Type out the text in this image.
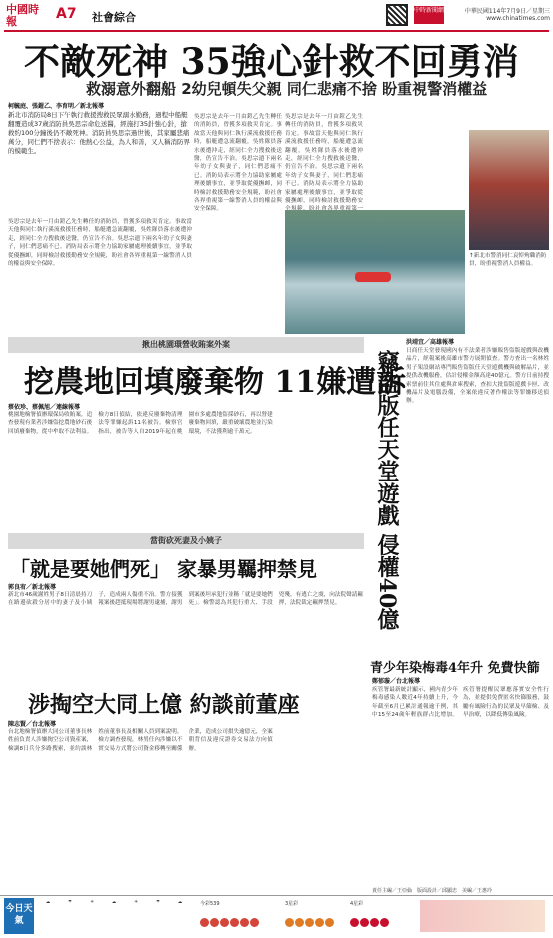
中國時報	A7 社會綜合
中時新聞網	中華民國114年7月9日／星期三
www.chinatimes.com
不敵死神 35強心針救不回勇消
救溺意外翻船 2幼兒頓失父親 同仁悲痛不捨 盼重視警消權益
柯毓庭、張鎧乙、李育明／新北報導
新北市消防局8日下午執行救援搜救民眾溺水勤務，過程中船艇翻覆造成37歲消防員吳思宗命危送醫，經施打35針強心針，搶救約100分鐘後仍不敵死神。消防員吳思宗過世後，其家屬悲痛萬分，同仁們不捨表示：他熱心公益，為人和善，又人稱消防界的模範生。
吳思宗是去年一月由鎧乙先生轉任的消防員，曾獲多項救災肯定。事故當天他與同仁執行溪流救援任務時，船艇遭急流翻覆，吳姓隊員落水後遭沖走，經同仁全力搜救後送醫，仍宣告不治。吳思宗遺下兩名年幼子女與妻子，同仁們悲痛不已。消防局表示將全力協助家屬處理後續事宜，並爭取從優撫卹，同時檢討救援勤務安全規範，盼社會各界重視第一線警消人員的權益與安全保障。
吳思宗是去年一月由鎧乙先生轉任的消防員，曾獲多項救災肯定。事故當天他與同仁執行溪流救援任務時，船艇遭急流翻覆，吳姓隊員落水後遭沖走，經同仁全力搜救後送醫，仍宣告不治。吳思宗遺下兩名年幼子女與妻子，同仁們悲痛不已。消防局表示將全力協助家屬處理後續事宜，並爭取從優撫卹，同時檢討救援勤務安全規範，盼社會各界重視第一線警消人員的權益與安全保障。
吳思宗是去年一月由鎧乙先生轉任的消防員，曾獲多項救災肯定。事故當天他與同仁執行溪流救援任務時，船艇遭急流翻覆，吳姓隊員落水後遭沖走，經同仁全力搜救後送醫，仍宣告不治。吳思宗遺下兩名年幼子女與妻子，同仁們悲痛不已。消防局表示將全力協助家屬處理後續事宜，並爭取從優撫卹，同時檢討救援勤務安
↑新北市警消同仁哀悼殉職消防員，盼重視警消人員權益。
揪出桃園環營收賄案外案
挖農地回填廢棄物 11嫌遭訴
蔡依珍、蔡佩旭／連線報導
桃園地檢署偵辦環保局收賄案，追查發現有業者涉嫌盜挖農地砂石後回填廢棄物，從中牟取不法利益。檢方8日偵結，依違反廢棄物清理法等罪嫌起訴11名被告。檢察官指出，被告等人自2019年起在桃園市多處農地盜採砂石，再以營建廢棄物回填，嚴重破壞農地並污染環境，不法獲利逾千萬元。	竊盜版任天堂遊戲 侵權40億
洪靖宜／高雄報導
日商任天堂發現國內有不法業者涉嫌販售盜版遊戲與改機晶片，經報案後高雄市警方展開偵查。警方查出一名林姓男子架設網站專門販售盜版任天堂遊戲機與破解晶片，並提供改機服務，估計侵權金額高達40億元。警方日前持搜索票前往其住處與倉庫搜索，查扣大批盜版遊戲卡匣、改機晶片及電腦設備，全案依違反著作權法等罪嫌移送偵辦。
當街砍死妻及小姨子
「就是要她們死」 家暴男羈押禁見
郭良宥／新北報導
新北市46歲謝姓男子8日清晨持刀在路邊砍殺分居中的妻子及小姨子，造成兩人傷重不治。警方接獲報案後趕抵現場將謝男逮捕，謝男到案後坦承犯行並稱「就是要她們死」。檢警認為其犯行重大、手段兇殘，有逃亡之虞，向法院聲請羈押，法院裁定羈押禁見。
青少年染梅毒4年升 免費快篩
鄭郁璇／台北報導
疾管署最新統計顯示，國內青少年梅毒感染人數近4年持續上升，今年截至6月已累計通報逾千例，其中15至24歲年輕族群占比增加。疾管署提醒民眾應落實安全性行為，並提供免費匿名快篩服務，鼓勵有風險行為的民眾及早篩檢、及早治療，以降低傳染風險。
涉掏空大同上億 約談前董座
陳志賢／台北報導
台北地檢署偵辦大同公司董事長林姓前負責人涉嫌掏空公司資產案，檢調8日兵分多路搜索，並約談林姓前董事長及相關人員到案說明。檢方調查發現，林男任內涉嫌以不實交易方式將公司資金移轉至關係企業，造成公司損失逾億元，全案朝背信及違反證券交易法方向偵辦。
責任主編／王亞倫　版面設計／邱顯忠　美編／王惠玲
今日天氣
☁	☂	☀	☁	☀	☂	☁	今彩539	3星彩	4星彩
